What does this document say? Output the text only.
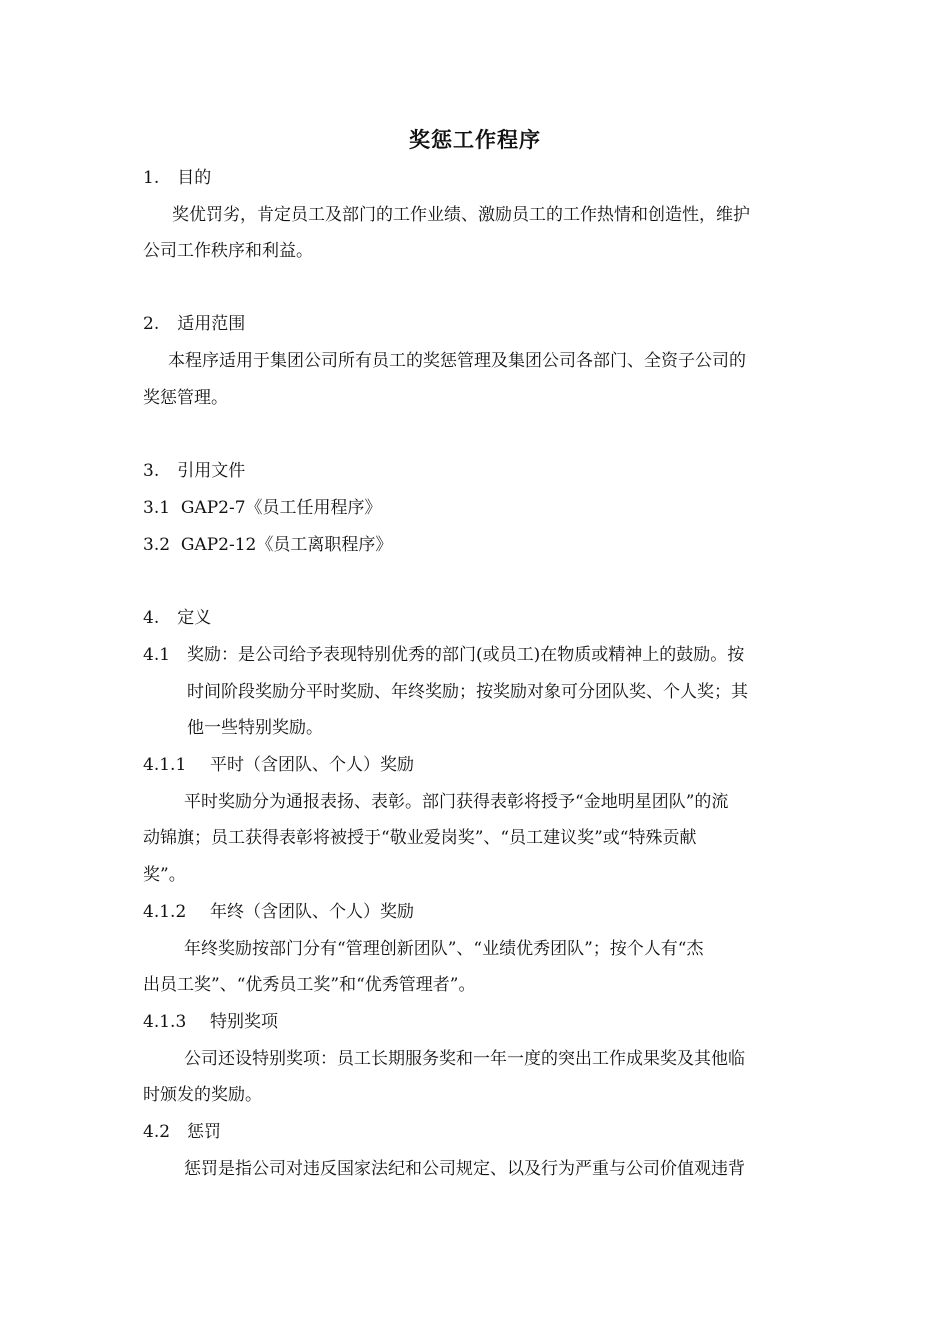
奖惩工作程序
1. 目的
奖优罚劣，肯定员工及部门的工作业绩、激励员工的工作热情和创造性，维护
公司工作秩序和利益。
2. 适用范围
本程序适用于集团公司所有员工的奖惩管理及集团公司各部门、全资子公司的
奖惩管理。
3. 引用文件
3.1  GAP2-7《员工任用程序》
3.2  GAP2-12《员工离职程序》
4. 定义
4.1 奖励：是公司给予表现特别优秀的部门(或员工)在物质或精神上的鼓励。按
时间阶段奖励分平时奖励、年终奖励；按奖励对象可分团队奖、个人奖；其
他一些特别奖励。
4.1.1 平时（含团队、个人）奖励
平时奖励分为通报表扬、表彰。部门获得表彰将授予“金地明星团队”的流
动锦旗；员工获得表彰将被授于“敬业爱岗奖”、“员工建议奖”或“特殊贡献
奖”。
4.1.2 年终（含团队、个人）奖励
年终奖励按部门分有“管理创新团队”、“业绩优秀团队”；按个人有“杰
出员工奖”、“优秀员工奖”和“优秀管理者”。
4.1.3 特别奖项
公司还设特别奖项：员工长期服务奖和一年一度的突出工作成果奖及其他临
时颁发的奖励。
4.2 惩罚
惩罚是指公司对违反国家法纪和公司规定、以及行为严重与公司价值观违背
